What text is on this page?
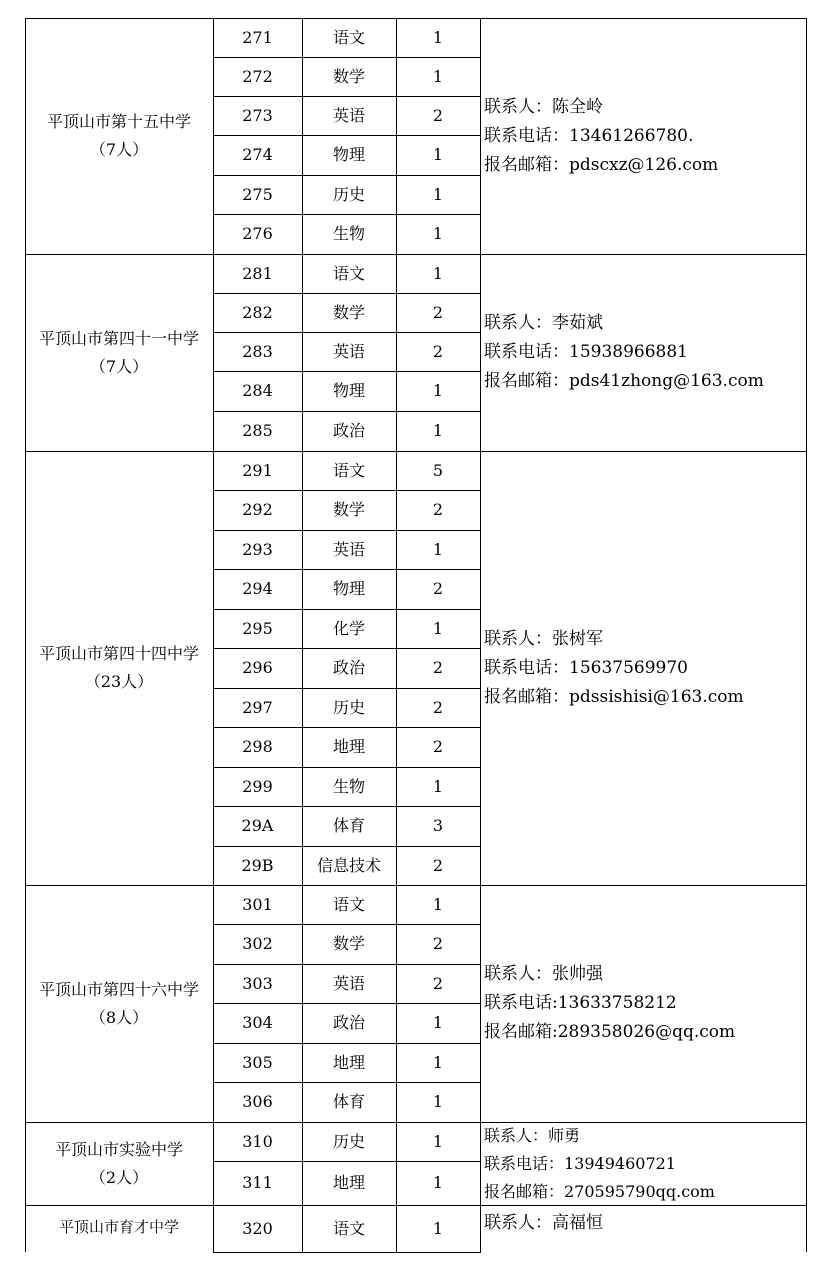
平顶山市第十五中学
（7人）
271	语文	1
272	数学	1
273	英语	2
274	物理	1
275	历史	1
276	生物	1
联系人：陈全岭
联系电话：13461266780.
报名邮箱：pdscxz@126.com
平顶山市第四十一中学
（7人）
281	语文	1
282	数学	2
283	英语	2
284	物理	1
285	政治	1
联系人：李茹斌
联系电话：15938966881
报名邮箱：pds41zhong@163.com
平顶山市第四十四中学
（23人）
291	语文	5
292	数学	2
293	英语	1
294	物理	2
295	化学	1
296	政治	2
297	历史	2
298	地理	2
299	生物	1
29A	体育	3
29B	信息技术	2
联系人：张树军
联系电话：15637569970
报名邮箱：pdssishisi@163.com
平顶山市第四十六中学
（8人）
301	语文	1
302	数学	2
303	英语	2
304	政治	1
305	地理	1
306	体育	1
联系人：张帅强
联系电话:13633758212
报名邮箱:289358026@qq.com
平顶山市实验中学
（2人）
310	历史	1
311	地理	1
联系人：师勇
联系电话：13949460721
报名邮箱：270595790qq.com
平顶山市育才中学	320	语文	1 联系人：高福恒
